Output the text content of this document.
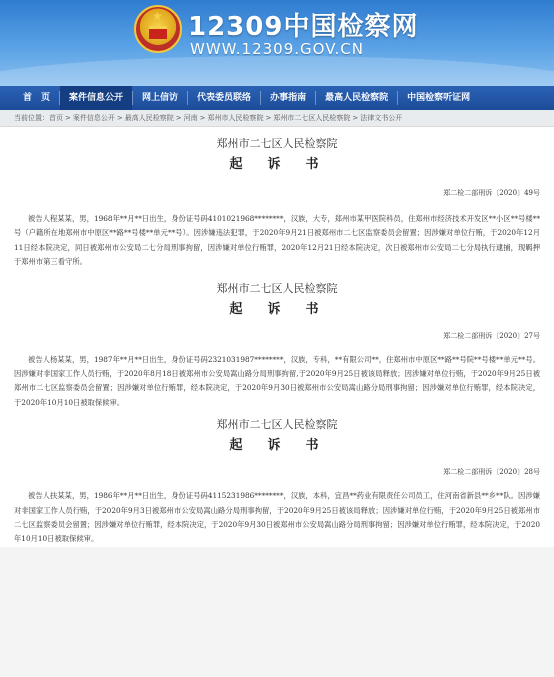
★ 12309中国检察网
WWW.12309.GOV.CN
首　页	案件信息公开	网上信访	代表委员联络	办事指南	最高人民检察院	中国检察听证网
当前位置：首页 > 案件信息公开 > 最高人民检察院 > 河南 > 郑州市人民检察院 > 郑州市二七区人民检察院 > 法律文书公开
郑州市二七区人民检察院
起　诉　书
郑二检二部刑诉〔2020〕49号
被告人程某某，男，1968年**月**日出生，身份证号码4101021968********，汉族，大专，郑州市某甲医院科员，住郑州市经济技术开发区**小区**号楼**号（户籍所在地郑州市中原区**路**号楼**单元**号）。因涉嫌违法犯罪，于2020年9月21日被郑州市二七区监察委员会留置；因涉嫌对单位行贿，于2020年12月11日经本院决定，同日被郑州市公安局二七分局刑事拘留，因涉嫌对单位行贿罪，2020年12月21日经本院决定，次日被郑州市公安局二七分局执行逮捕，现羁押于郑州市第三看守所。
郑州市二七区人民检察院
起　诉　书
郑二检二部刑诉〔2020〕27号
被告人杨某某，男，1987年**月**日出生，身份证号码2321031987********，汉族，专科，**有限公司**，住郑州市中原区**路**号院**号楼**单元**号。因涉嫌对非国家工作人员行贿，于2020年8月18日被郑州市公安局嵩山路分局刑事拘留,于2020年9月25日被该局释放；因涉嫌对单位行贿，于2020年9月25日被郑州市二七区监察委员会留置；因涉嫌对单位行贿罪，经本院决定，于2020年9月30日被郑州市公安局嵩山路分局刑事拘留；因涉嫌对单位行贿罪，经本院决定，于2020年10月10日被取保候审。
郑州市二七区人民检察院
起　诉　书
郑二检二部刑诉〔2020〕28号
被告人扶某某，男，1986年**月**日出生，身份证号码4115231986********，汉族，本科，宜昌**药业有限责任公司员工，住河南省新县**乡**队。因涉嫌对非国家工作人员行贿，于2020年9月3日被郑州市公安局嵩山路分局刑事拘留，于2020年9月25日被该局释放；因涉嫌对单位行贿，于2020年9月25日被郑州市二七区监察委员会留置；因涉嫌对单位行贿罪，经本院决定，于2020年9月30日被郑州市公安局嵩山路分局刑事拘留；因涉嫌对单位行贿罪，经本院决定，于2020年10月10日被取保候审。
